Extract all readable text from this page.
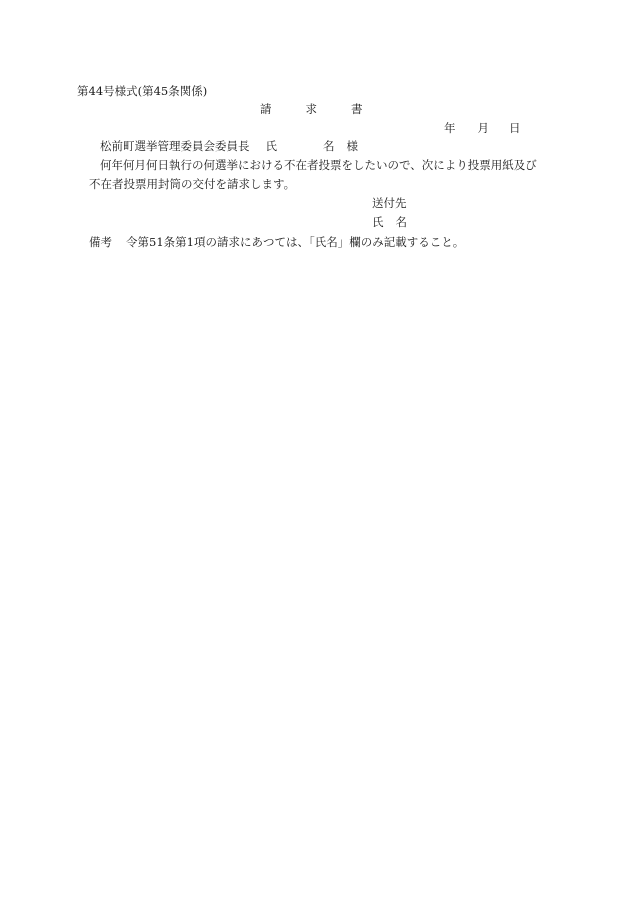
第44号様式(第45条関係)
請	求	書
年 月 日
松前町選挙管理委員会委員長 氏	名 様
何年何月何日執行の何選挙における不在者投票をしたいので、次により投票用紙及び
不在者投票用封筒の交付を請求します。
送付先
氏 名
備考 令第51条第1項の請求にあつては、「氏名」欄のみ記載すること。
